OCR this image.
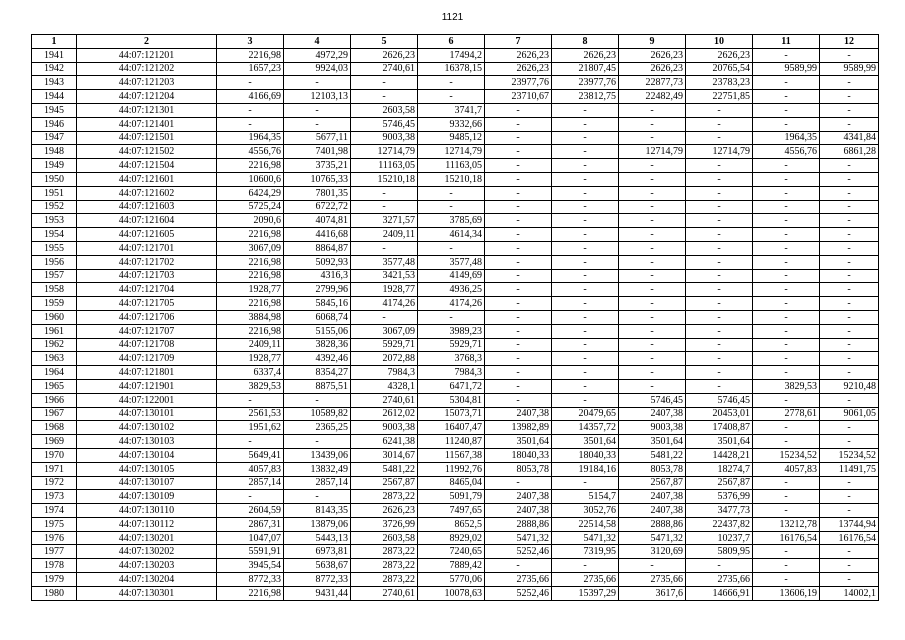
1121
1	2	3	4	5	6	7	8	9	10	11	12
1941	44:07:121201	2216,98	4972,29	2626,23	17494,2	2626,23	2626,23	2626,23	2626,23	-	-
1942	44:07:121202	1657,23	9924,03	2740,61	16378,15	2626,23	21807,45	2626,23	20765,54	9589,99	9589,99
1943	44:07:121203	-	-	-	-	23977,76	23977,76	22877,73	23783,23	-	-
1944	44:07:121204	4166,69	12103,13	-	-	23710,67	23812,75	22482,49	22751,85	-	-
1945	44:07:121301	-	-	2603,58	3741,7	-	-	-	-	-	-
1946	44:07:121401	-	-	5746,45	9332,66	-	-	-	-	-	-
1947	44:07:121501	1964,35	5677,11	9003,38	9485,12	-	-	-	-	1964,35	4341,84
1948	44:07:121502	4556,76	7401,98	12714,79	12714,79	-	-	12714,79	12714,79	4556,76	6861,28
1949	44:07:121504	2216,98	3735,21	11163,05	11163,05	-	-	-	-	-	-
1950	44:07:121601	10600,6	10765,33	15210,18	15210,18	-	-	-	-	-	-
1951	44:07:121602	6424,29	7801,35	-	-	-	-	-	-	-	-
1952	44:07:121603	5725,24	6722,72	-	-	-	-	-	-	-	-
1953	44:07:121604	2090,6	4074,81	3271,57	3785,69	-	-	-	-	-	-
1954	44:07:121605	2216,98	4416,68	2409,11	4614,34	-	-	-	-	-	-
1955	44:07:121701	3067,09	8864,87	-	-	-	-	-	-	-	-
1956	44:07:121702	2216,98	5092,93	3577,48	3577,48	-	-	-	-	-	-
1957	44:07:121703	2216,98	4316,3	3421,53	4149,69	-	-	-	-	-	-
1958	44:07:121704	1928,77	2799,96	1928,77	4936,25	-	-	-	-	-	-
1959	44:07:121705	2216,98	5845,16	4174,26	4174,26	-	-	-	-	-	-
1960	44:07:121706	3884,98	6068,74	-	-	-	-	-	-	-	-
1961	44:07:121707	2216,98	5155,06	3067,09	3989,23	-	-	-	-	-	-
1962	44:07:121708	2409,11	3828,36	5929,71	5929,71	-	-	-	-	-	-
1963	44:07:121709	1928,77	4392,46	2072,88	3768,3	-	-	-	-	-	-
1964	44:07:121801	6337,4	8354,27	7984,3	7984,3	-	-	-	-	-	-
1965	44:07:121901	3829,53	8875,51	4328,1	6471,72	-	-	-	-	3829,53	9210,48
1966	44:07:122001	-	-	2740,61	5304,81	-	-	5746,45	5746,45	-	-
1967	44:07:130101	2561,53	10589,82	2612,02	15073,71	2407,38	20479,65	2407,38	20453,01	2778,61	9061,05
1968	44:07:130102	1951,62	2365,25	9003,38	16407,47	13982,89	14357,72	9003,38	17408,87	-	-
1969	44:07:130103	-	-	6241,38	11240,87	3501,64	3501,64	3501,64	3501,64	-	-
1970	44:07:130104	5649,41	13439,06	3014,67	11567,38	18040,33	18040,33	5481,22	14428,21	15234,52	15234,52
1971	44:07:130105	4057,83	13832,49	5481,22	11992,76	8053,78	19184,16	8053,78	18274,7	4057,83	11491,75
1972	44:07:130107	2857,14	2857,14	2567,87	8465,04	-	-	2567,87	2567,87	-	-
1973	44:07:130109	-	-	2873,22	5091,79	2407,38	5154,7	2407,38	5376,99	-	-
1974	44:07:130110	2604,59	8143,35	2626,23	7497,65	2407,38	3052,76	2407,38	3477,73	-	-
1975	44:07:130112	2867,31	13879,06	3726,99	8652,5	2888,86	22514,58	2888,86	22437,82	13212,78	13744,94
1976	44:07:130201	1047,07	5443,13	2603,58	8929,02	5471,32	5471,32	5471,32	10237,7	16176,54	16176,54
1977	44:07:130202	5591,91	6973,81	2873,22	7240,65	5252,46	7319,95	3120,69	5809,95	-	-
1978	44:07:130203	3945,54	5638,67	2873,22	7889,42	-	-	-	-	-	-
1979	44:07:130204	8772,33	8772,33	2873,22	5770,06	2735,66	2735,66	2735,66	2735,66	-	-
1980	44:07:130301	2216,98	9431,44	2740,61	10078,63	5252,46	15397,29	3617,6	14666,91	13606,19	14002,1
